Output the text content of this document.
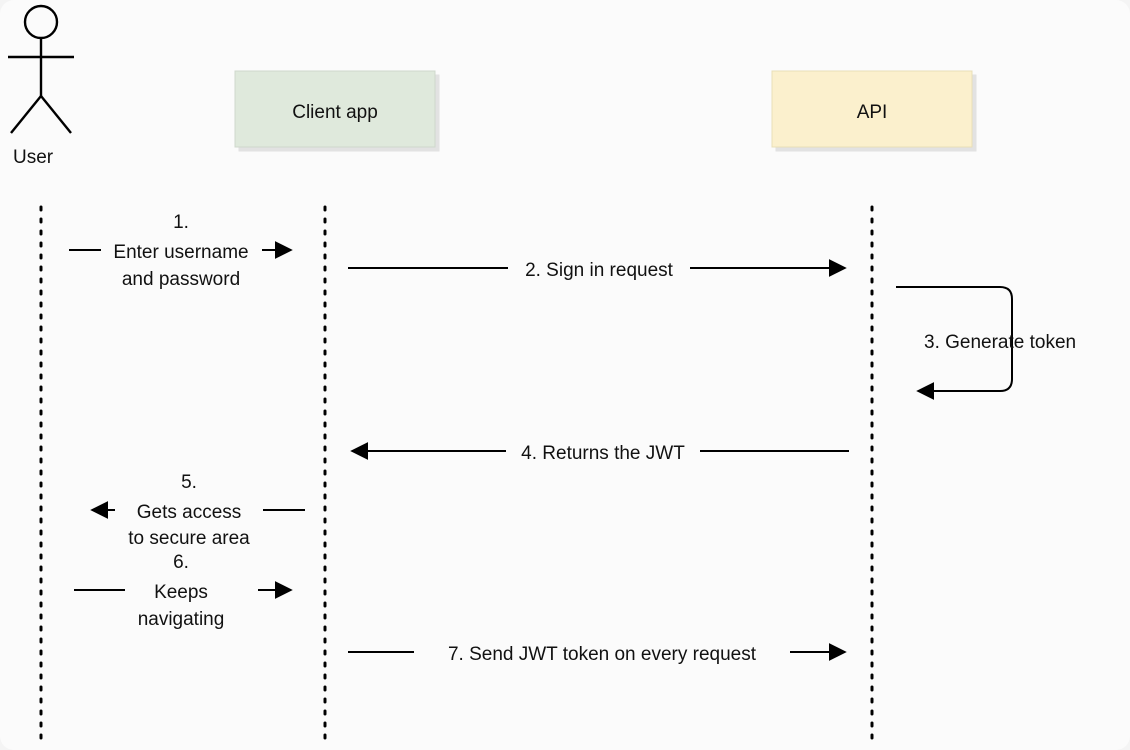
User
Client app	API
1.
Enter username
and password	2. Sign in request
3. Generate token
4. Returns the JWT
5.
Gets access
to secure area
6.
Keeps
navigating
7. Send JWT token on every request
